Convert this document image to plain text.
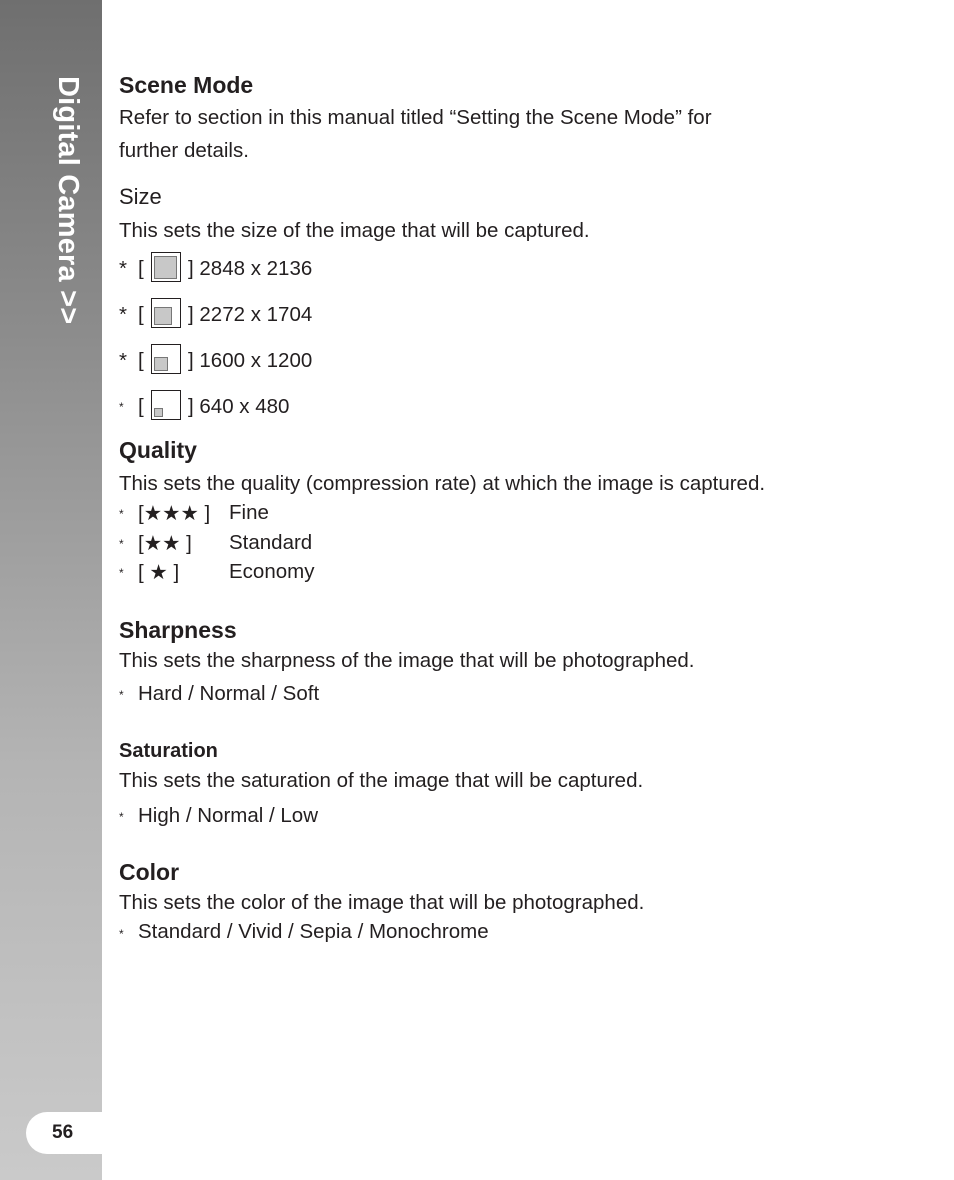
Digital Camera >>
56
Scene Mode
Refer to section in this manual titled “Setting the Scene Mode” for
further details.
Size
This sets the size of the image that will be captured.
* [ ] 2848 x 2136
* [ ] 2272 x 1704
* [ ] 1600 x 1200
* [ ] 640 x 480
Quality
This sets the quality (compression rate) at which the image is captured.
* [★★★ ] Fine
* [★★ ] Standard
* [ ★ ] Economy
Sharpness
This sets the sharpness of the image that will be photographed.
* Hard / Normal / Soft
Saturation
This sets the saturation of the image that will be captured.
* High / Normal / Low
Color
This sets the color of the image that will be photographed.
* Standard / Vivid / Sepia / Monochrome
